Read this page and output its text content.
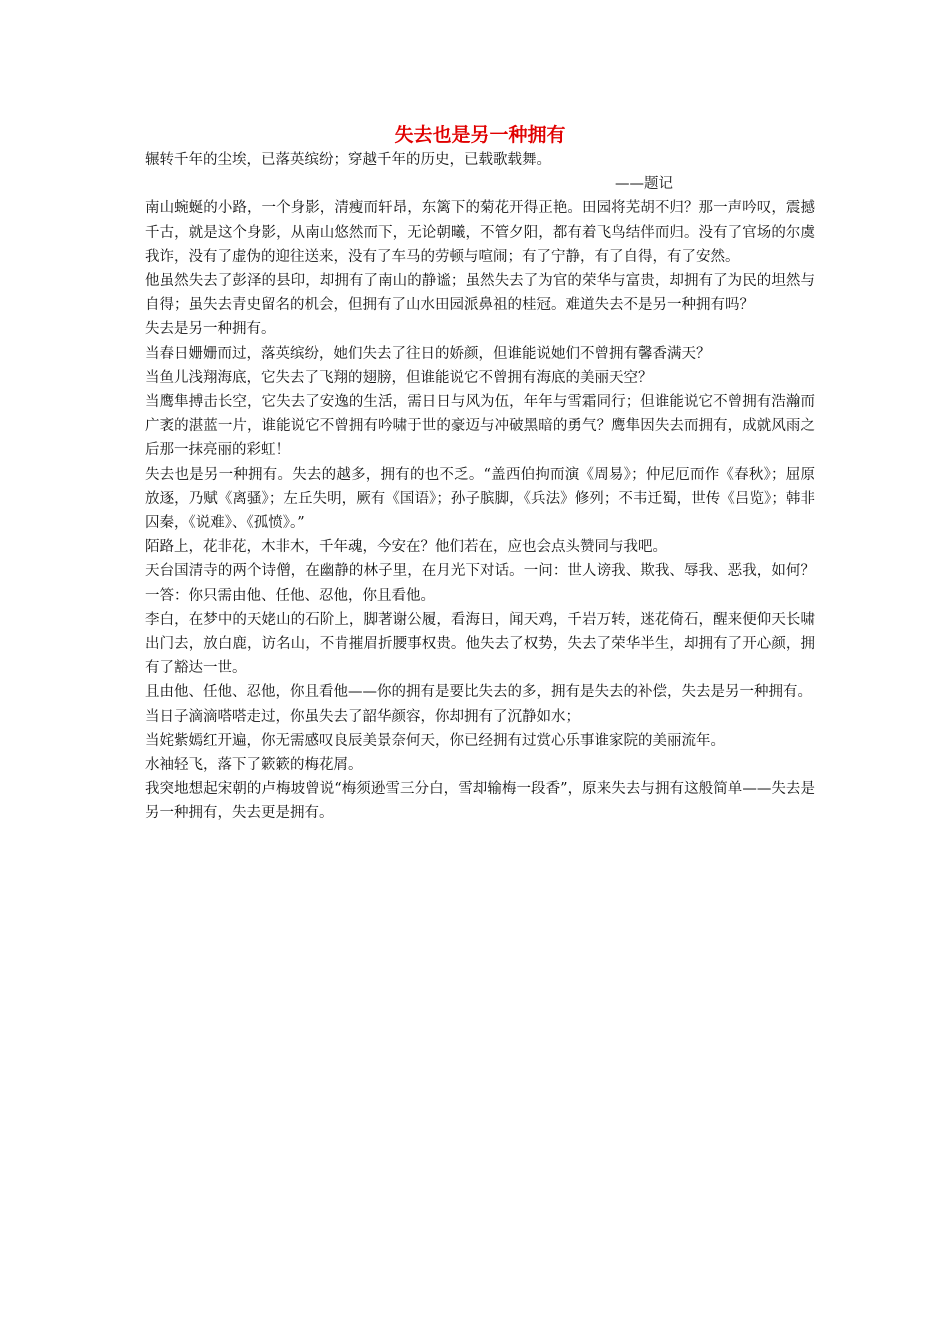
失去也是另一种拥有

辗转千年的尘埃，已落英缤纷；穿越千年的历史，已载歌载舞。

——题记

南山蜿蜒的小路，一个身影，清瘦而轩昂，东篱下的菊花开得正艳。田园将芜胡不归？那一声吟叹，震撼千古，就是这个身影，从南山悠然而下，无论朝曦，不管夕阳，都有着飞鸟结伴而归。没有了官场的尔虞我诈，没有了虚伪的迎往送来，没有了车马的劳顿与喧闹；有了宁静，有了自得，有了安然。

他虽然失去了彭泽的县印，却拥有了南山的静谧；虽然失去了为官的荣华与富贵，却拥有了为民的坦然与自得；虽失去青史留名的机会，但拥有了山水田园派鼻祖的桂冠。难道失去不是另一种拥有吗？

失去是另一种拥有。

当春日姗姗而过，落英缤纷，她们失去了往日的娇颜，但谁能说她们不曾拥有馨香满天？

当鱼儿浅翔海底，它失去了飞翔的翅膀，但谁能说它不曾拥有海底的美丽天空？

当鹰隼搏击长空，它失去了安逸的生活，需日日与风为伍，年年与雪霜同行；但谁能说它不曾拥有浩瀚而广袤的湛蓝一片，谁能说它不曾拥有吟啸于世的豪迈与冲破黑暗的勇气？鹰隼因失去而拥有，成就风雨之后那一抹亮丽的彩虹！

失去也是另一种拥有。失去的越多，拥有的也不乏。“盖西伯拘而演《周易》；仲尼厄而作《春秋》；屈原放逐，乃赋《离骚》；左丘失明，厥有《国语》；孙子膑脚，《兵法》修列；不韦迁蜀，世传《吕览》；韩非囚秦，《说难》、《孤愤》。”

陌路上，花非花，木非木，千年魂，今安在？他们若在，应也会点头赞同与我吧。

天台国清寺的两个诗僧，在幽静的林子里，在月光下对话。一问：世人谤我、欺我、辱我、恶我，如何？一答：你只需由他、任他、忍他，你且看他。

李白，在梦中的天姥山的石阶上，脚著谢公履，看海日，闻天鸡，千岩万转，迷花倚石，醒来便仰天长啸出门去，放白鹿，访名山，不肯摧眉折腰事权贵。他失去了权势，失去了荣华半生，却拥有了开心颜，拥有了豁达一世。

且由他、任他、忍他，你且看他——你的拥有是要比失去的多，拥有是失去的补偿，失去是另一种拥有。

当日子滴滴嗒嗒走过，你虽失去了韶华颜容，你却拥有了沉静如水；

当姹紫嫣红开遍，你无需感叹良辰美景奈何天，你已经拥有过赏心乐事谁家院的美丽流年。

水袖轻飞，落下了簌簌的梅花屑。

我突地想起宋朝的卢梅坡曾说“梅须逊雪三分白，雪却输梅一段香”，原来失去与拥有这般简单——失去是另一种拥有，失去更是拥有。
